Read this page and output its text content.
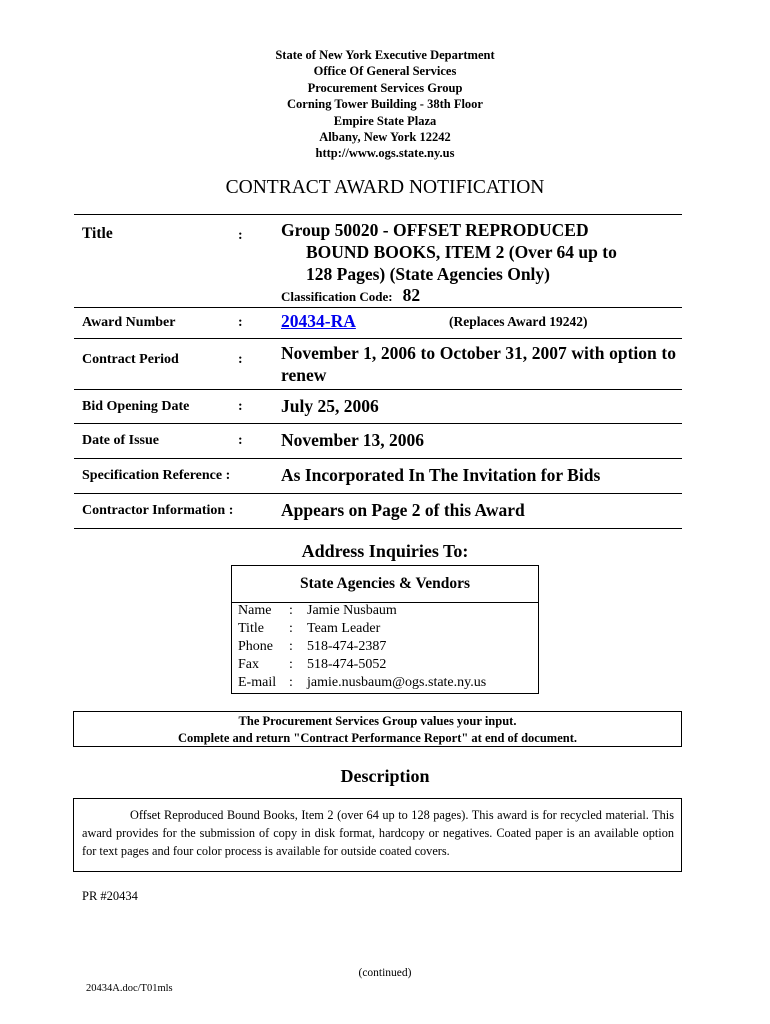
State of New York Executive Department
Office Of General Services
Procurement Services Group
Corning Tower Building - 38th Floor
Empire State Plaza
Albany, New York 12242
http://www.ogs.state.ny.us
CONTRACT AWARD NOTIFICATION
Title	: Group 50020 - OFFSET REPRODUCED
BOUND BOOKS, ITEM 2 (Over 64 up to
128 Pages) (State Agencies Only)
Classification Code: 82
Award Number	: 20434-RA	(Replaces Award 19242)
Contract Period	: November 1, 2006 to October 31, 2007 with option to renew
Bid Opening Date	: July 25, 2006
Date of Issue	: November 13, 2006
Specification Reference :	As Incorporated In The Invitation for Bids
Contractor Information :	Appears on Page 2 of this Award
Address Inquiries To:
State Agencies & Vendors
Name : Jamie Nusbaum
Title : Team Leader
Phone : 518-474-2387
Fax : 518-474-5052
E-mail : jamie.nusbaum@ogs.state.ny.us
The Procurement Services Group values your input.
Complete and return "Contract Performance Report" at end of document.
Description
Offset Reproduced Bound Books, Item 2 (over 64 up to 128 pages). This award is for recycled material. This award provides for the submission of copy in disk format, hardcopy or negatives. Coated paper is an available option for text pages and four color process is available for outside coated covers.
PR #20434
(continued)
20434A.doc/T01mls
